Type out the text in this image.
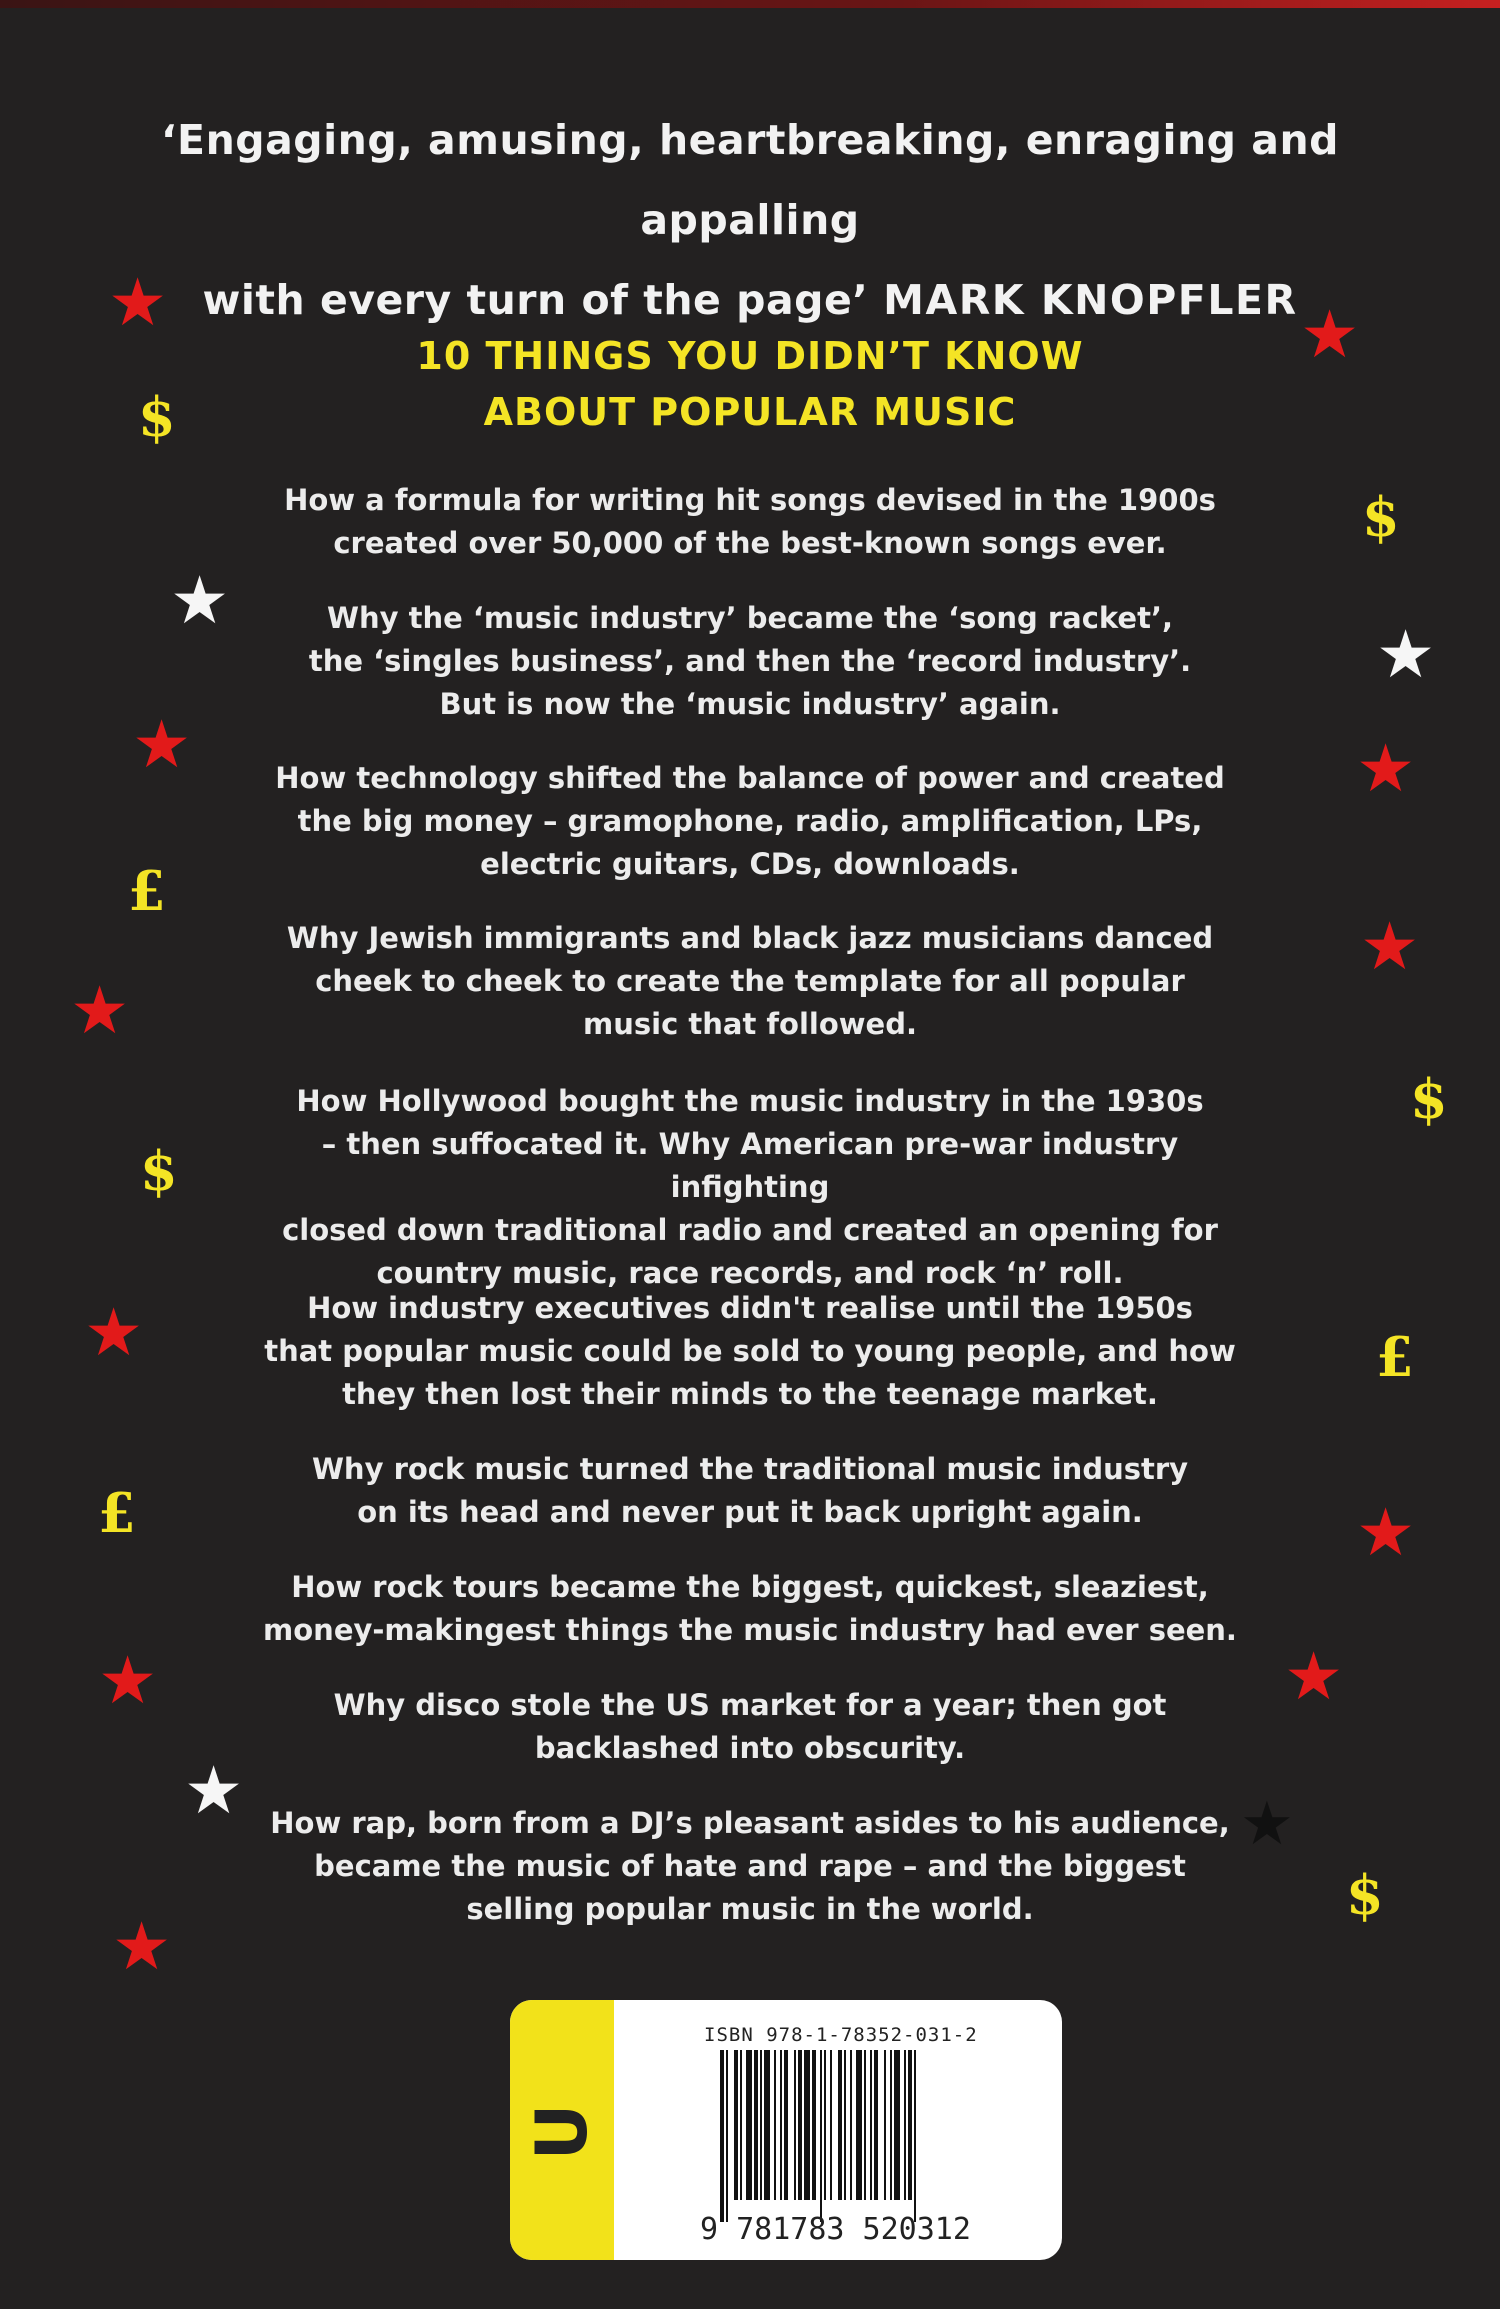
‘Engaging, amusing, heartbreaking, enraging and appalling
with every turn of the page’ MARK KNOPFLER
10 THINGS YOU DIDN’T KNOW
ABOUT POPULAR MUSIC
How a formula for writing hit songs devised in the 1900s
created over 50,000 of the best-known songs ever.
Why the ‘music industry’ became the ‘song racket’,
the ‘singles business’, and then the ‘record industry’.
But is now the ‘music industry’ again.
How technology shifted the balance of power and created
the big money – gramophone, radio, amplification, LPs,
electric guitars, CDs, downloads.
Why Jewish immigrants and black jazz musicians danced
cheek to cheek to create the template for all popular
music that followed.
How Hollywood bought the music industry in the 1930s
– then suffocated it. Why American pre-war industry infighting
closed down traditional radio and created an opening for
country music, race records, and rock ‘n’ roll.
How industry executives didn't realise until the 1950s
that popular music could be sold to young people, and how
they then lost their minds to the teenage market.
Why rock music turned the traditional music industry
on its head and never put it back upright again.
How rock tours became the biggest, quickest, sleaziest,
money-makingest things the music industry had ever seen.
Why disco stole the US market for a year; then got
backlashed into obscurity.
How rap, born from a DJ’s pleasant asides to his audience,
became the music of hate and rape – and the biggest
selling popular music in the world.
★
$
★
★
£
★
$
★
£
★
★
★
★
$
★
★
★
$
£
★
★
★
$
U
ISBN 978-1-78352-031-2
9 781783 520312
